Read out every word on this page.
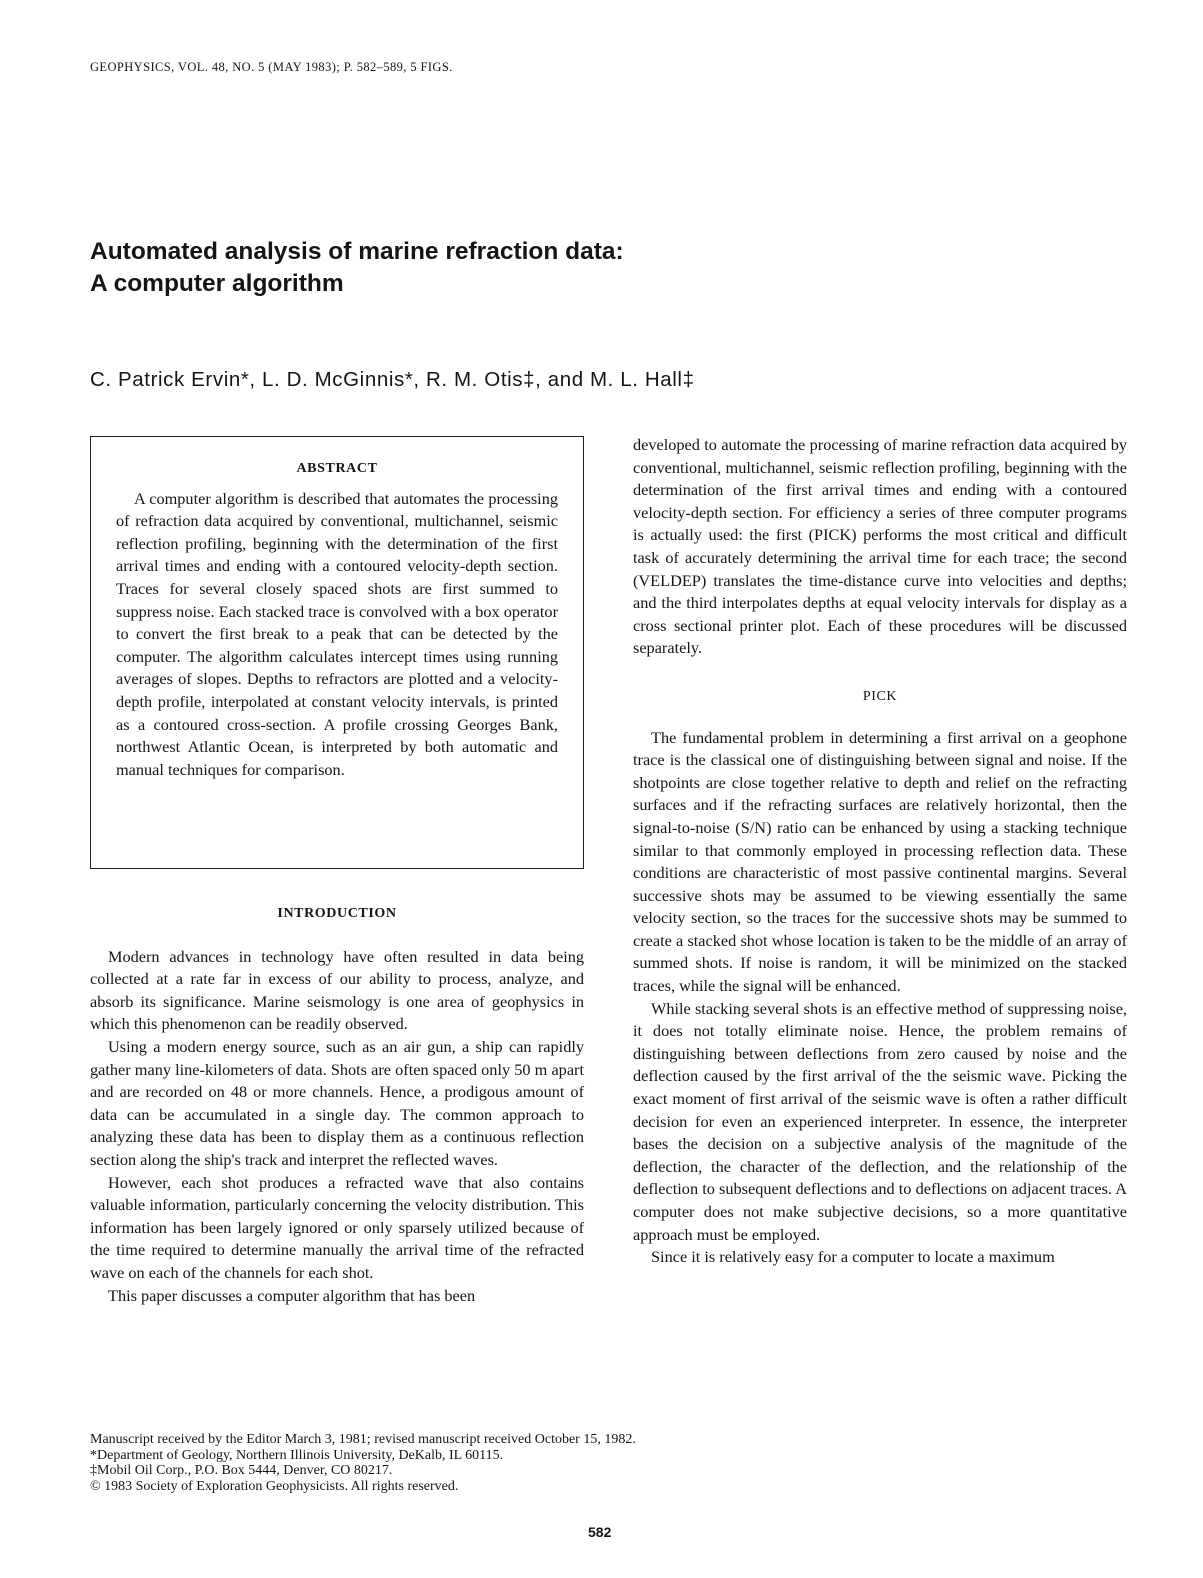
GEOPHYSICS, VOL. 48, NO. 5 (MAY 1983); P. 582–589, 5 FIGS.
Automated analysis of marine refraction data:
A computer algorithm
C. Patrick Ervin*, L. D. McGinnis*, R. M. Otis‡, and M. L. Hall‡
ABSTRACT

A computer algorithm is described that automates the processing of refraction data acquired by conventional, multichannel, seismic reflection profiling, beginning with the determination of the first arrival times and ending with a contoured velocity-depth section. Traces for several closely spaced shots are first summed to suppress noise. Each stacked trace is convolved with a box operator to convert the first break to a peak that can be detected by the computer. The algorithm calculates intercept times using running averages of slopes. Depths to refractors are plotted and a velocity-depth profile, interpolated at constant velocity intervals, is printed as a contoured cross-section. A profile crossing Georges Bank, northwest Atlantic Ocean, is interpreted by both automatic and manual techniques for comparison.

INTRODUCTION

Modern advances in technology have often resulted in data being collected at a rate far in excess of our ability to process, analyze, and absorb its significance. Marine seismology is one area of geophysics in which this phenomenon can be readily observed.

Using a modern energy source, such as an air gun, a ship can rapidly gather many line-kilometers of data. Shots are often spaced only 50 m apart and are recorded on 48 or more channels. Hence, a prodigous amount of data can be accumulated in a single day. The common approach to analyzing these data has been to display them as a continuous reflection section along the ship's track and interpret the reflected waves.

However, each shot produces a refracted wave that also contains valuable information, particularly concerning the velocity distribution. This information has been largely ignored or only sparsely utilized because of the time required to determine manually the arrival time of the refracted wave on each of the channels for each shot.

This paper discusses a computer algorithm that has been

developed to automate the processing of marine refraction data acquired by conventional, multichannel, seismic reflection profiling, beginning with the determination of the first arrival times and ending with a contoured velocity-depth section. For efficiency a series of three computer programs is actually used: the first (PICK) performs the most critical and difficult task of accurately determining the arrival time for each trace; the second (VELDEP) translates the time-distance curve into velocities and depths; and the third interpolates depths at equal velocity intervals for display as a cross sectional printer plot. Each of these procedures will be discussed separately.

PICK

The fundamental problem in determining a first arrival on a geophone trace is the classical one of distinguishing between signal and noise. If the shotpoints are close together relative to depth and relief on the refracting surfaces and if the refracting surfaces are relatively horizontal, then the signal-to-noise (S/N) ratio can be enhanced by using a stacking technique similar to that commonly employed in processing reflection data. These conditions are characteristic of most passive continental margins. Several successive shots may be assumed to be viewing essentially the same velocity section, so the traces for the successive shots may be summed to create a stacked shot whose location is taken to be the middle of an array of summed shots. If noise is random, it will be minimized on the stacked traces, while the signal will be enhanced.

While stacking several shots is an effective method of suppressing noise, it does not totally eliminate noise. Hence, the problem remains of distinguishing between deflections from zero caused by noise and the deflection caused by the first arrival of the the seismic wave. Picking the exact moment of first arrival of the seismic wave is often a rather difficult decision for even an experienced interpreter. In essence, the interpreter bases the decision on a subjective analysis of the magnitude of the deflection, the character of the deflection, and the relationship of the deflection to subsequent deflections and to deflections on adjacent traces. A computer does not make subjective decisions, so a more quantitative approach must be employed.

Since it is relatively easy for a computer to locate a maximum

Manuscript received by the Editor March 3, 1981; revised manuscript received October 15, 1982.
*Department of Geology, Northern Illinois University, DeKalb, IL 60115.
‡Mobil Oil Corp., P.O. Box 5444, Denver, CO 80217.
© 1983 Society of Exploration Geophysicists. All rights reserved.
582
